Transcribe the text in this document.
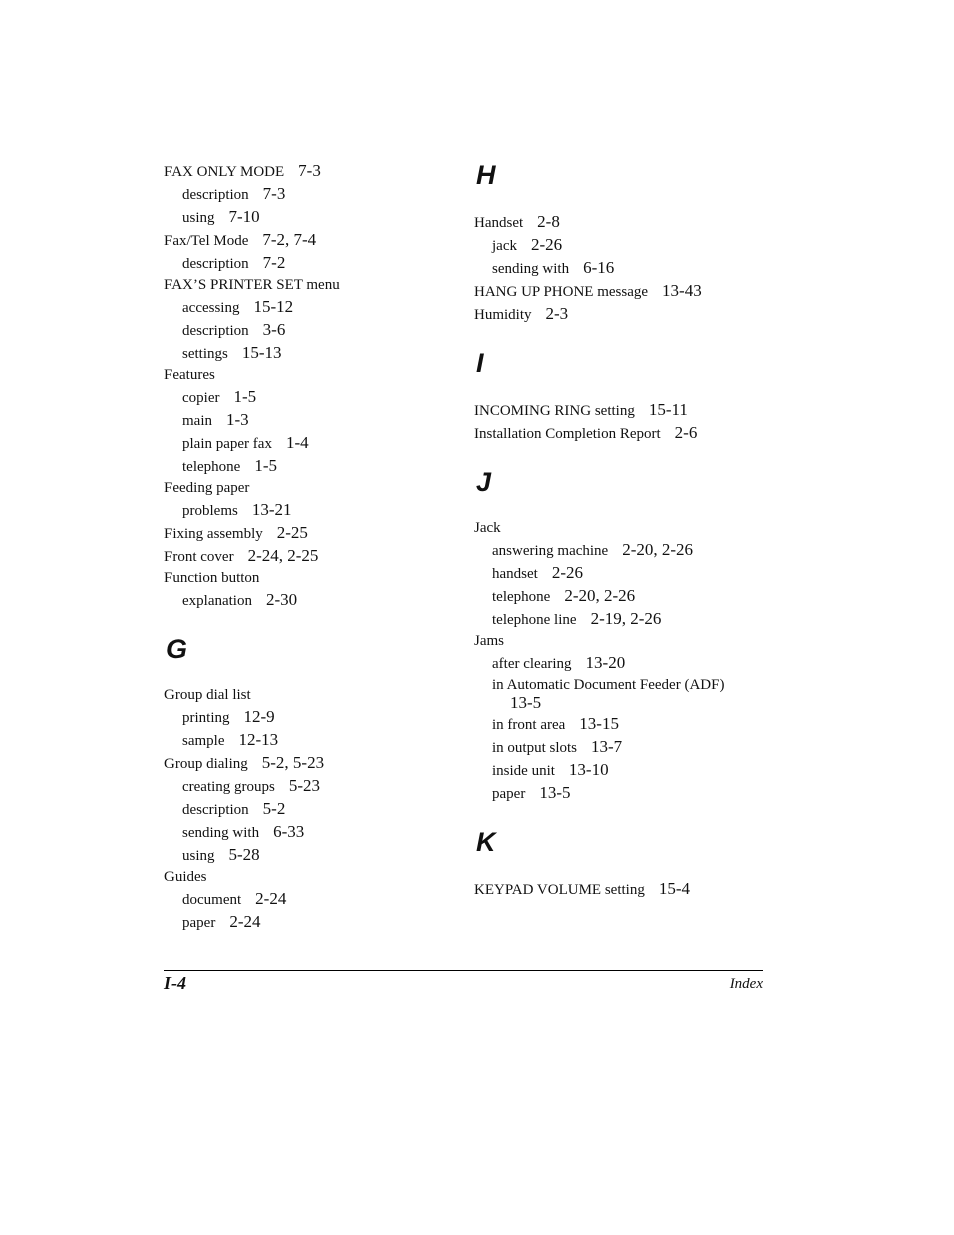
FAX ONLY MODE 7-3
description 7-3
using 7-10
Fax/Tel Mode 7-2, 7-4
description 7-2
FAX’S PRINTER SET menu
accessing 15-12
description 3-6
settings 15-13
Features
copier 1-5
main 1-3
plain paper fax 1-4
telephone 1-5
Feeding paper
problems 13-21
Fixing assembly 2-25
Front cover 2-24, 2-25
Function button
explanation 2-30
G
Group dial list
printing 12-9
sample 12-13
Group dialing 5-2, 5-23
creating groups 5-23
description 5-2
sending with 6-33
using 5-28
Guides
document 2-24
paper 2-24
H
Handset 2-8
jack 2-26
sending with 6-16
HANG UP PHONE message 13-43
Humidity 2-3
I
INCOMING RING setting 15-11
Installation Completion Report 2-6
J
Jack
answering machine 2-20, 2-26
handset 2-26
telephone 2-20, 2-26
telephone line 2-19, 2-26
Jams
after clearing 13-20
in Automatic Document Feeder (ADF)
13-5
in front area 13-15
in output slots 13-7
inside unit 13-10
paper 13-5
K
KEYPAD VOLUME setting 15-4
I-4	Index
